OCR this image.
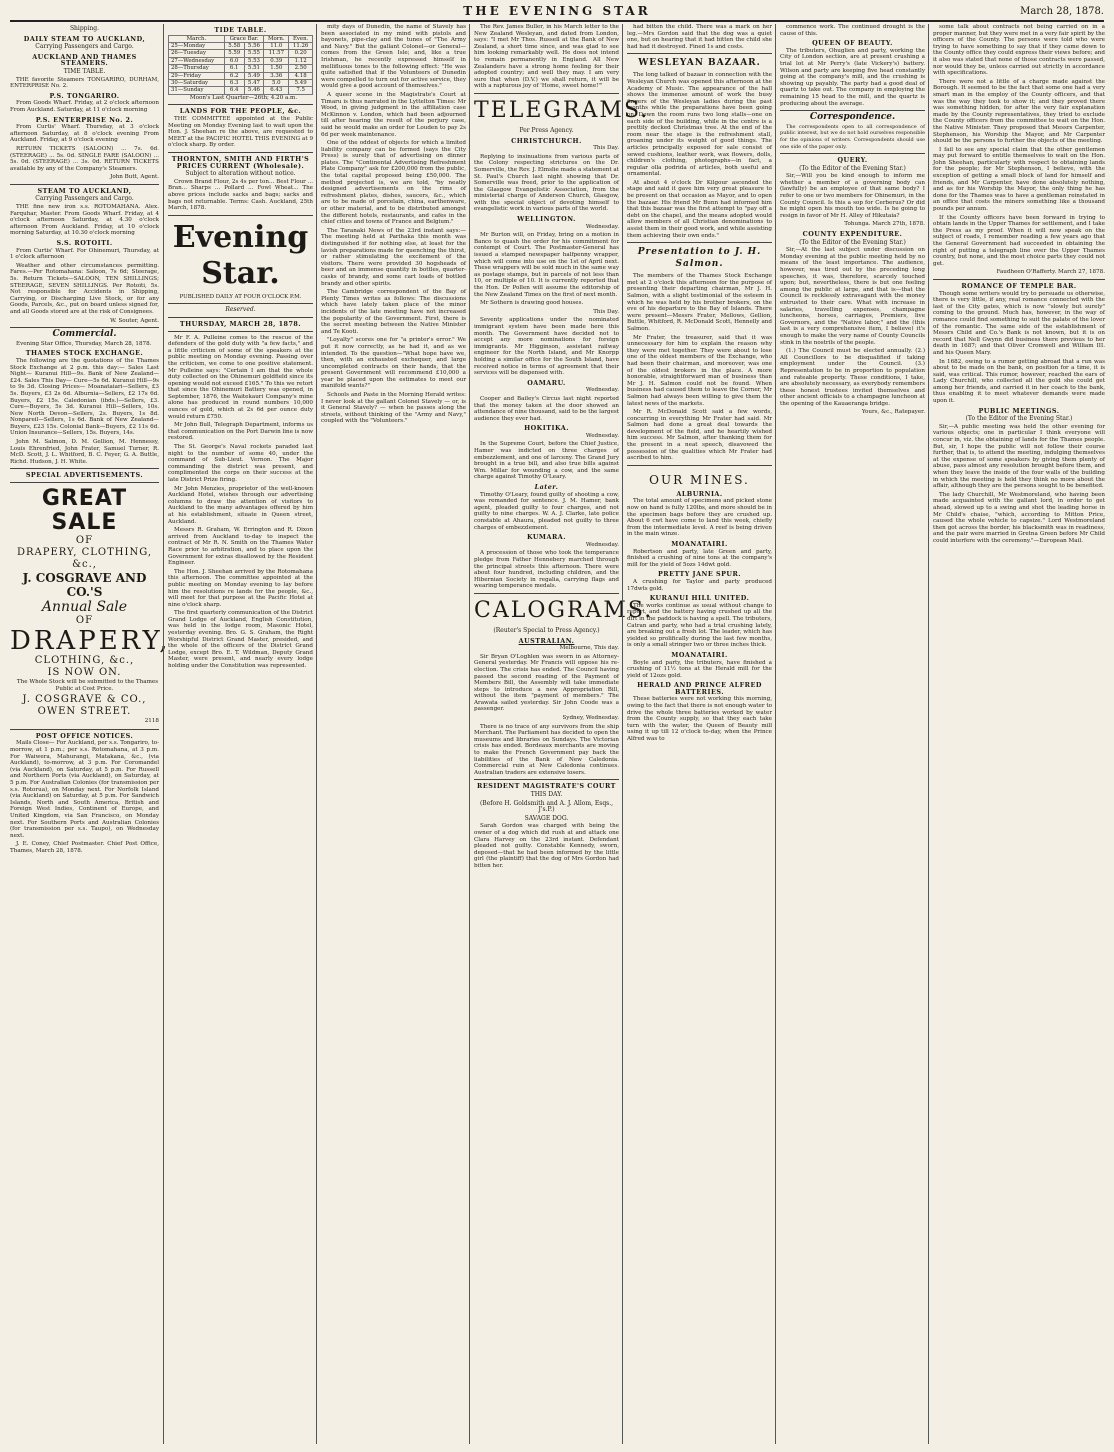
THE EVENING STAR	March 28, 1878.
Shipping.
DAILY STEAM TO AUCKLAND,
Carrying Passengers and Cargo.
AUCKLAND AND THAMES STEAMERS.
TIME TABLE.

THE favorite Steamers TONGARIRO, DURHAM, ENTERPRISE No. 2.

P.S. TONGARIRO.

From Goods Wharf. Friday, at 2 o'clock afternoon From Auckland. Saturday, at 11 o'clock morning

P.S. ENTERPRISE No. 2.

From Curtis' Wharf. Thursday, at 3 o'clock afternoon Saturday, at 8 o'clock evening From Auckland. Friday, at 9 o'clock evening

RETURN TICKETS (SALOON) ... 7s. 6d. (STEERAGE) ... 5s. 0d. SINGLE FARE (SALOON) ... 5s. 0d. (STEERAGE) ... 3s. 0d. RETURN TICKETS available by any of the Company's Steamers.

John Butt, Agent.

STEAM TO AUCKLAND,
Carrying Passengers and Cargo.

THE fine new iron s.s. ROTOMAHANA. Alex. Farquhar, Master. From Goods Wharf. Friday, at 4 o'clock afternoon Saturday, at 4.30 o'clock afternoon From Auckland. Friday, at 10 o'clock morning Saturday, at 10.30 o'clock morning

S.S. ROTOITI.

From Curtis' Wharf. For Ohinemuri, Thursday, at 1 o'clock afternoon

Weather and other circumstances permitting. Fares.—Per Rotomahana: Saloon, 7s 6d; Steerage, 5s. Return Tickets—SALOON, TEN SHILLINGS; STEERAGE, SEVEN SHILLINGS. Per Rotoiti, 5s. Not responsible for Accidents in Shipping, Carrying, or Discharging Live Stock, or for any Goods, Parcels, &c., put on board unless signed for, and all Goods stored are at the risk of Consignees.

W. Souter, Agent.

Commercial.

Evening Star Office, Thursday, March 28, 1878.

THAMES STOCK EXCHANGE.

The following are the quotations of the Thames Stock Exchange at 2 p.m. this day:— Sales Last Night— Kuranui Hill—9s. Bank of New Zealand—£24. Sales This Day— Cure—5s 6d. Kuranui Hill—9s to 9s 3d. Closing Prices— Moanataiari—Sellers, £3 5s. Buyers, £3 2s 6d. Alburnia—Sellers, £2 17s 6d. Buyers, £2 15s. Caledonian (ibds.)—Sellers, £3. Cure—Buyers, 5s 3d. Kuranui Hill—Sellers, 10s. New North Devon—Sellers, 2s. Buyers, 1s 8d. Nonpareil—Sellers, 1s 6d. Bank of New Zealand—Buyers, £23 15s. Colonial Bank—Buyers, £2 11s 6d. Union Insurance—Sellers, 15s. Buyers, 14s.

John M. Salmon, D. M. Gellion, M. Hennessy, Louis Ehrenfried, John Frater, Samuel Turner, R. McD. Scott, J. L. Whitford, B. C. Feyer, G. A. Buttle, Richd. Hudson, J. H. White.

SPECIAL ADVERTISEMENTS.
GREAT SALE
OF
DRAPERY, CLOTHING, &c.,
J. COSGRAVE AND CO.'S
Annual Sale
OF
DRAPERY,
CLOTHING, &c.,
IS NOW ON.

The Whole Stock will be submitted to the Thames Public at Cost Price.

J. COSGRAVE & CO.,
OWEN STREET.
2118
POST OFFICE NOTICES.

Mails Close— For Auckland, per s.s. Tongariro, to-morrow, at 1 p.m.; per s.s. Rotomahana, at 3 p.m. For Waiwera, Mahurangi, Matakana, &c., (via Auckland), to-morrow, at 3 p.m. For Coromandel (via Auckland), on Saturday, at 5 p.m. For Russell and Northern Ports (via Auckland), on Saturday, at 5 p.m. For Australian Colonies (for transmission per s.s. Rotorua), on Monday next. For Norfolk Island (via Auckland) on Saturday, at 5 p.m. For Sandwich Islands, North and South America, British and Foreign West Indies, Continent of Europe, and United Kingdom, via San Francisco, on Monday next. For Southern Ports and Australian Colonies (for transmission per s.s. Taupo), on Wednesday next.

J. E. Coney, Chief Postmaster. Chief Post Office, Thames, March 28, 1878.

TIDE TABLE.
March.	Grace Bar.		Morn.	Even.
25—Monday	5.58	5.56	11.0	11.26
26—Tuesday	5.59	5.55	11.57	0.20
27—Wednesday	6.0	5.53	0.39	1.12
28—Thursday	6.1	5.51	1.50	2.50
29—Friday	6.2	5.49	3.36	4.18
30—Saturday	6.3	5.47	5.0	5.49
31—Sunday	6.4	5.46	6.43	7.5

Moon's Last Quarter—26th; 4.20 a.m.

LANDS FOR THE PEOPLE, &c.

THE COMMITTEE appointed at the Public Meeting on Monday Evening last to wait upon the Hon. J. Sheehan re the above, are requested to MEET at the PACIFIC HOTEL THIS EVENING at 9 o'clock sharp. By order.

THORNTON, SMITH AND FIRTH'S PRICES CURRENT (Wholesale).
Subject to alteration without notice.

Crown Brand Flour, 2s 4s per ton... Best Flour ... Bran... Sharps ... Pollard ... Fowl Wheat... The above prices include sacks and bags; sacks and bags not returnable. Terms: Cash. Auckland, 25th March, 1878.

Evening Star.
PUBLISHED DAILY AT FOUR O'CLOCK P.M.
Reserved.
THURSDAY, MARCH 28, 1878.

Mr F. A. Pulleine comes to the rescue of the defenders of the gold duty with "a few facts," and a little criticism of some of the speakers at the public meeting on Monday evening. Passing over the criticism, we come to one positive statement. Mr Pulleine says: "Certain I am that the whole duty collected on the Ohinemuri goldfield since its opening would not exceed £165." To this we retort that since the Ohinemuri Battery was opened, in September, 1876, the Waitekauri Company's mine alone has produced in round numbers 10,000 ounces of gold, which at 2s 6d per ounce duty would return £750.

Mr John Bull, Telegraph Department, informs us that communication on the Port Darwin line is now restored.

The St. George's Naval rockets paraded last night to the number of some 40, under the command of Sub-Lieut. Vernon. The Major commanding the district was present, and complimented the corps on their success at the late District Prize firing.

Mr John Menzies, proprietor of the well-known Auckland Hotel, wishes through our advertising columns to draw the attention of visitors to Auckland to the many advantages offered by him at his establishment, situate in Queen street, Auckland.

Messrs R. Graham, W. Errington and R. Dixon arrived from Auckland to-day to inspect the contract of Mr R. N. Smith on the Thames Water Race prior to arbitration, and to place upon the Government for extras disallowed by the Resident Engineer.

The Hon. J. Sheehan arrived by the Rotomahana this afternoon. The committee appointed at the public meeting on Monday evening to lay before him the resolutions re lands for the people, &c., will meet for that purpose at the Pacific Hotel at nine o'clock sharp.

The first quarterly communication of the District Grand Lodge of Auckland, English Constitution, was held in the lodge room, Masonic Hotel, yesterday evening. Bro. G. S. Graham, the Right Worshipful District Grand Master, presided, and the whole of the officers of the District Grand Lodge, except Bro. E. T. Wildman, Deputy Grand Master, were present, and nearly every lodge holding under the Constitution was represented.

mity days of Dunedin, the name of Stavely has been associated in my mind with pistols and bayonets, pipe-clay and the tunes of "The Army and Navy." But the gallant Colonel—or General—comes from the Green Isle; and, like a true Irishman, he recently expressed himself in mellifluous tones to the following effect: "He was quite satisfied that if the Volunteers of Dunedin were compelled to turn out for active service, they would give a good account of themselves."

A queer scene in the Magistrate's Court at Timaru is thus narrated in the Lyttelton Times: Mr Wood, in giving judgment in the affiliation case McKinnon v. London, which had been adjourned till after hearing the result of the perjury case, said he would make an order for Louden to pay 2s 6d per week maintenance.

One of the oddest of objects for which a limited liability company can be formed (says the City Press) is surely that of advertising on dinner plates. The "Continental Advertising Refreshment Plate Company" ask for £200,000 from the public, the total capital proposed being £50,000. The method projected is, we are told, "by neatly designed advertisements on the rims of refreshment plates, dishes, saucers, &c., which are to be made of porcelain, china, earthenware, or other material, and to be distributed amongst the different hotels, restaurants, and cafes in the chief cities and towns of France and Belgium."

The Taranaki News of the 23rd instant says:—The meeting held at Parihaka this month was distinguished if for nothing else, at least for the lavish preparations made for quenching the thirst, or rather stimulating the excitement of the visitors. There were provided 30 hogsheads of beer and an immense quantity in bottles, quarter-casks of brandy, and some cart loads of bottled brandy and other spirits.

The Cambridge correspondent of the Bay of Plenty Times writes as follows: The discussions which have lately taken place of the minor incidents of the late meeting have not increased the popularity of the Government. First, there is the secret meeting between the Native Minister and Te Kooti.

"Loyalty" scores one for "a printer's error." We put it now correctly, as he had it, and as we intended. To the question—"What hope have we, then, with an exhausted exchequer, and large uncompleted contracts on their hands, that the present Government will recommend £10,000 a year be placed upon the estimates to meet our manifold wants?"

Schools and Paste in the Morning Herald writes: I never look at the gallant Colonel Stavely — or, is it General Stavely? — when he passes along the streets, without thinking of the "Army and Navy," coupled with the "Volunteers."

The Rev. James Buller, in his March letter to the New Zealand Wesleyan, and dated from London, says: "I met Mr Thos. Russell at the Bank of New Zealand, a short time since, and was glad to see him looking remarkably well. He does not intend to remain permanently in England. All New Zealanders have a strong home feeling for their adopted country; and well they may. I am very sure that when (D.V.) we shall return, it will be with a rapturous joy of 'Home, sweet home!'"

TELEGRAMS.
Per Press Agency.
CHRISTCHURCH.

This Day.

Replying to insinuations from various parts of the Colony respecting strictures on the Dr. Somerville, the Rev. J. Elmslie made a statement at St. Paul's Church last night showing that Dr. Somerville was freed, prior to the application of the Glasgow Evangelistic Association, from the ministerial charge of Anderson Church, Glasgow, with the special object of devoting himself to evangelistic work in various parts of the world.

WELLINGTON.

Wednesday.

Mr Burton will, on Friday, bring on a motion in Banco to quash the order for his commitment for contempt of Court. The Postmaster-General has issued a stamped newspaper halfpenny wrapper, which will come into use on the 1st of April next. These wrappers will be sold much in the same way as postage stamps, but in parcels of not less than 10, or multiple of 10. It is currently reported that the Hon. Dr Pollen will assume the editorship of the New Zealand Times on the first of next month.

Mr Sothern is drawing good houses.

This Day.

Seventy applications under the nominated immigrant system have been made here this month. The Government have decided not to accept any more nominations for foreign immigrants. Mr Higginson, assistant railway engineer for the North Island, and Mr Knorpp holding a similar office for the South Island, have received notice in terms of agreement that their services will be dispensed with.

OAMARU.

Wednesday.

Cooper and Bailey's Circus last night reported that the money taken at the door showed an attendance of nine thousand, said to be the largest audience they ever had.

HOKITIKA.

Wednesday.

In the Supreme Court, before the Chief Justice, Hamer was indicted on three charges of embezzlement, and one of larceny. The Grand Jury brought in a true bill, and also true bills against Wm. Millar for wounding a cow, and the same charge against Timothy O'Leary.

Later.

Timothy O'Leary, found guilty of shooting a cow, was remanded for sentence. J. M. Hamer, bank agent, pleaded guilty to four charges, and not guilty to nine charges. W. A. J. Clarke, late police constable at Ahaura, pleaded not guilty to three charges of embezzlement.

KUMARA.

Wednesday.

A procession of those who took the temperance pledge from Father Hennebery marched through the principal streets this afternoon. There were about four hundred, including children, and the Hibernian Society in regalia, carrying flags and wearing temperance medals.

CALOGRAMS.
(Reuter's Special to Press Agency.)
AUSTRALIAN.

Melbourne, This day.

Sir Bryan O'Loghlen was sworn in as Attorney-General yesterday. Mr Francis will oppose his re-election. The crisis has ended. The Council having passed the second reading of the Payment of Members Bill, the Assembly will take immediate steps to introduce a new Appropriation Bill, without the item "payment of members." The Arawata sailed yesterday. Sir John Coode was a passenger.

Sydney, Wednesday.

There is no trace of any survivors from the ship Merchant. The Parliament has decided to open the museums and libraries on Sundays. The Victorian crisis has ended. Bordeaux merchants are moving to make the French Government pay back the liabilities of the Bank of New Caledonia. Commercial ruin at New Caledonia continues. Australian traders are extensive losers.

RESIDENT MAGISTRATE'S COURT
THIS DAY.
(Before H. Goldsmith and A. J. Allom, Esqs., J's.P.)
SAVAGE DOG.

Sarah Gordon was charged with being the owner of a dog which did rush at and attack one Clara Harvey on the 23rd instant. Defendant pleaded not guilty. Constable Kennedy, sworn, deposed—that he had been informed by the little girl (the plaintiff) that the dog of Mrs Gordon had bitten her.

had bitten the child. There was a mark on her leg.—Mrs Gordon said that the dog was a quiet one, but on hearing that it had bitten the child she had had it destroyed. Fined 1s and costs.

WESLEYAN BAZAAR.

The long talked of bazaar in connection with the Wesleyan Church was opened this afternoon at the Academy of Music. The appearance of the hall shows the immense amount of work the busy fingers of the Wesleyan ladies during the past months while the preparations have been going on. Down the room runs two long stalls—one on each side of the building, while in the centre is a prettily decked Christmas tree. At the end of the room near the stage is the refreshment stall, groaning under its weight of good things. The articles principally exposed for sale consist of sewed cushions, leather work, wax flowers, dolls, children's clothing, photographs—in fact, a regular olla podrida of articles, both useful and ornamental.

At about 4 o'clock Dr Kilgour ascended the stage and said it gave him very great pleasure to be present on that occasion as Mayor, and to open the bazaar. His friend Mr Bunn had informed him that this bazaar was the first attempt to "pay off a debt on the chapel, and the means adopted would allow members of all Christian denominations to assist them in their good work, and while assisting them achieving their own ends."

Presentation to J. H. Salmon.

The members of the Thames Stock Exchange met at 2 o'clock this afternoon for the purpose of presenting their departing chairman, Mr J. H. Salmon, with a slight testimonial of the esteem in which he was held by his brother brokers, on the eve of his departure to the Bay of Islands. There were present—Messrs Frater, Mellows, Gellion, Buttle, Whitford, R. McDonald Scott, Hennelly and Salmon.

Mr Frater, the treasurer, said that it was unnecessary for him to explain the reason why they were met together. They were about to lose one of the oldest members of the Exchange, who had been their chairman, and moreover, was one of the oldest brokers in the place. A more honorable, straightforward man of business than Mr J. H. Salmon could not be found. When business had caused them to leave the Corner, Mr Salmon had always been willing to give them the latest news of the markets.

Mr R. McDonald Scott said a few words, concurring in everything Mr Frater had said. Mr Salmon had done a great deal towards the development of the field, and he heartily wished him success. Mr Salmon, after thanking them for the present in a neat speech, disavowed the possession of the qualities which Mr Frater had ascribed to him.

OUR MINES.
ALBURNIA.

The total amount of specimens and picked stone now on hand is fully 120lbs, and more should be in the specimen bags before they are crushed up. About 6 cwt have come to land this week, chiefly from the intermediate level. A reef is being driven in the main winze.

MOANATAIRI.

Robertson and party, late Green and party, finished a crushing of nine tons at the company's mill for the yield of 5ozs 14dwt gold.

PRETTY JANE SPUR.

A crushing for Taylor and party produced 17dwts gold.

KURANUI HILL UNITED.

The works continue as usual without change to report, and the battery having crushed up all the dirt in the paddock is having a spell. The tributers, Catran and party, who had a trial crushing lately, are breaking out a fresh lot. The leader, which has yielded so prolifically during the last few months, is only a small stringer two or three inches thick.

MOANATAIRI.

Boyle and party, the tributers, have finished a crushing of 11½ tons at the Herald mill for the yield of 12ozs gold.

HERALD AND PRINCE ALFRED BATTERIES.

These batteries were not working this morning, owing to the fact that there is not enough water to drive the whole three batteries worked by water from the County supply, so that they each take turn with the water, the Queen of Beauty mill using it up till 12 o'clock to-day, when the Prince Alfred was to

commence work. The continued drought is the cause of this.

QUEEN OF BEAUTY.

The tributers, Ohuglien and party, working the City of London section, are at present crushing a trial lot at Mr Perry's (late Vickery's) battery. Wilson and party are keeping five head constantly going at the company's mill, and the crushing is showing up payably. The party had a good deal of quartz to take out. The company in employing the remaining 15 head to the mill, and the quartz is producing about the average.

Correspondence.

The correspondents open to all correspondence of public interest, but we do not hold ourselves responsible for the opinions of writers. Correspondents should use one side of the paper only.

QUERY.
(To the Editor of the Evening Star.)

Sir,—Will you be kind enough to inform me whether a member of a governing body can (lawfully) be an employee of that same body? I refer to one or two members for Ohinemuri, in the County Council. Is this a sop for Cerberus? Or did he might open his mouth too wide. Is he going to resign in favor of Mr H. Alley of Hikutaia?

Tohunga. March 27th, 1878.

COUNTY EXPENDITURE.
(To the Editor of the Evening Star.)

Sir,—At the last subject under discussion on Monday evening at the public meeting held by no means of the least importance. The audience, however, was tired out by the preceding long speeches, it was, therefore, scarcely touched upon; but, nevertheless, there is but one feeling among the public at large, and that is—that the Council is recklessly extravagant with the money entrusted to their care. What with increase in salaries, travelling expenses, champagne luncheons, horses, carriages, Premiers, live Governors, and the "Native labor," and the (this last is a very comprehensive item, I believe) it's enough to make the very name of County Councils stink in the nostrils of the people.

(1.) The Council must be elected annually. (2.) All Councillors to be disqualified if taking employment under the Council. (3.) Representation to be in proportion to population and rateable property. These conditions, I take, are absolutely necessary, as everybody remembers these honest trustees invited themselves and other ancient officials to a champagne luncheon at the opening of the Kauaeranga bridge.

Yours, &c., Ratepayer.

some talk about contracts not being carried on in a proper manner, but they were met in a very fair spirit by the officers of the County. The persons were told who were trying to have something to say that if they came down to the County office they could express their views before; and it also was stated that none of those contracts were passed, nor would they be, unless carried out strictly in accordance with specifications.

There were not a little of a charge made against the Borough. It seemed to be the fact that some one had a very smart man in the employ of the County officers, and that was the way they took to show it; and they proved there was something hidden, for after the very fair explanation made by the County representatives, they tried to exclude the County officers from the committee to wait on the Hon. the Native Minister. They proposed that Messrs Carpenter, Stephenson, his Worship the Mayor, and Mr Carpenter should be the persons to further the objects of the meeting.

I fail to see any special claim that the other gentlemen may put forward to entitle themselves to wait on the Hon. John Sheehan, particularly with respect to obtaining lands for the people; for Mr Stephenson, I believe, with the exception of getting a small block of land for himself and friends, and Mr Carpenter, have done absolutely nothing, and as for his Worship the Mayor, the only thing he has done for the Thames was to have a gentleman reinstated in an office that costs the miners something like a thousand pounds per annum.

If the County officers have been forward in trying to obtain lands in the Upper Thames for settlement, and I take the Press as my proof. When it will now speak on the subject of roads, I remember reading a few years ago that the General Government had succeeded in obtaining the right of putting a telegraph line over the Upper Thames country, but none, and the most choice parts they could not get.

Faudheen O'Rafferty. March 27, 1878.

ROMANCE OF TEMPLE BAR.

Though some writers would try to persuade us otherwise, there is very little, if any, real romance connected with the last of the City gates, which is now "slowly but surely" coming to the ground. Much has, however, in the way of romance could find something to suit the palate of the lover of the romantic. The same side of the establishment of Messrs Child and Co.'s Bank is not known, but it is on record that Nell Gwynn did business there previous to her death in 1687; and that Oliver Cromwell and William III. and his Queen Mary.

In 1682, owing to a rumor getting abroad that a run was about to be made on the bank, on position for a time, it is said, was critical. This rumor, however, reached the ears of Lady Churchill, who collected all the gold she could get among her friends, and carried it in her coach to the bank, thus enabling it to meet whatever demands were made upon it.

PUBLIC MEETINGS.
(To the Editor of the Evening Star.)

Sir,—A public meeting was held the other evening for various objects; one in particular I think everyone will concur in, viz. the obtaining of lands for the Thames people. But, sir, I hope the public will not follow their course further, that is, to attend the meeting, indulging themselves at the expense of some speakers by giving them plenty of abuse, pass almost any resolution brought before them, and when they leave the inside of the four walls of the building in which the meeting is held they think no more about the affair, although they are the persons sought to be benefited.

The lady Churchill, Mr Westmoreland, who having been made acquainted with the gallant lord, in order to get ahead, slowed up to a swing and shot the leading horse in Mr Child's chaise, "which, according to Mitton Price, caused the whole vehicle to capsize." Lord Westmoreland then got across the border, his blacksmith was in readiness, and the pair were married in Gretna Green before Mr Child could interfere with the ceremony."—European Mail.
